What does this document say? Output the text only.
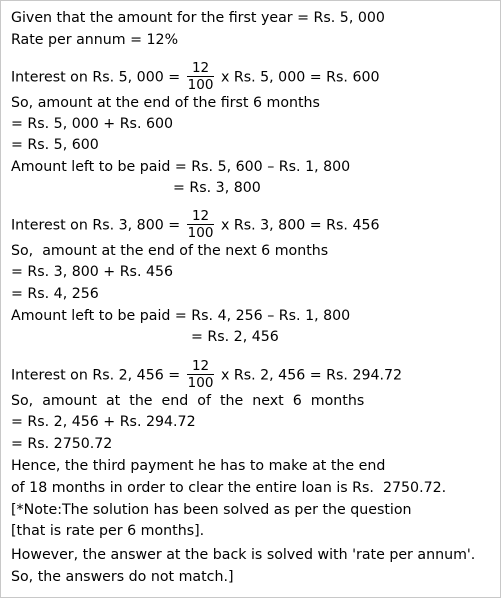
Given that the amount for the first year = Rs. 5, 000
Rate per annum = 12%
Interest on Rs. 5, $000 = \frac{12}{100}$ x Rs. 5, 000 = Rs. 600
So, amount at the end of the first 6 months
= Rs. 5, 000 + Rs. 600
= Rs. 5, 600
Amount left to be paid = Rs. 5, 600 – Rs. 1, 800
= Rs. 3, 800
Interest on Rs. 3, $800 = \frac{12}{100}$ x Rs. 3, 800 = Rs. 456
So,  amount at the end of the next 6 months
= Rs. 3, 800 + Rs. 456
= Rs. 4, 256
Amount left to be paid = Rs. 4, 256 – Rs. 1, 800
= Rs. 2, 456
Interest on Rs. 2, $456 = \frac{12}{100}$ x Rs. 2, 456 = Rs. 294.72
So,  amount  at  the  end  of  the  next  6  months
= Rs. 2, 456 + Rs. 294.72
= Rs. 2750.72
Hence, the third payment he has to make at the end
of 18 months in order to clear the entire loan is Rs.  2750.72.
[*Note:The solution has been solved as per the question
[that is rate per 6 months].
However, the answer at the back is solved with 'rate per annum'.
So, the answers do not match.]
